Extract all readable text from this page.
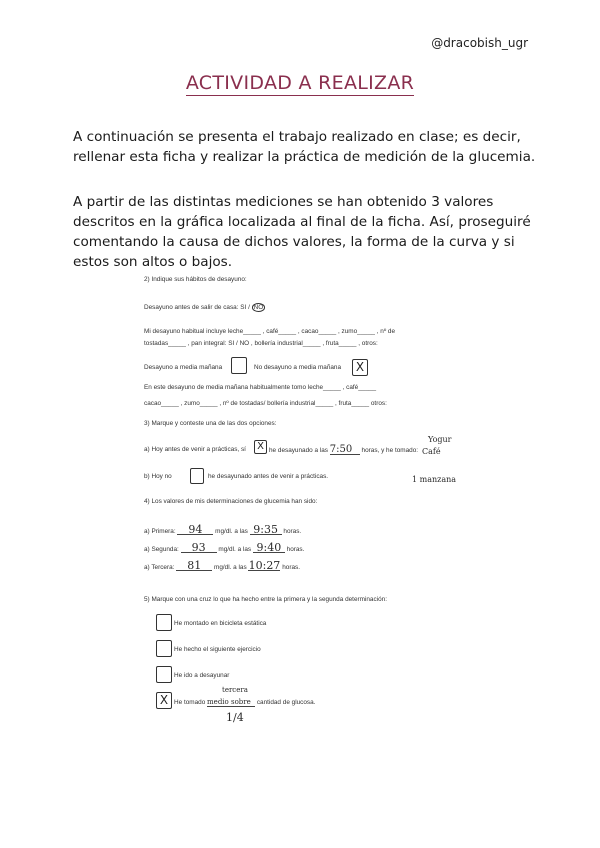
@dracobish_ugr
ACTIVIDAD A REALIZAR
A continuación se presenta el trabajo realizado en clase; es decir, rellenar esta ficha y realizar la práctica de medición de la glucemia.
A partir de las distintas mediciones se han obtenido 3 valores descritos en la gráfica localizada al final de la ficha. Así, proseguiré comentando la causa de dichos valores, la forma de la curva y si estos son altos o bajos.
2) Indique sus hábitos de desayuno:
Desayuno antes de salir de casa: SI / NO
Mi desayuno habitual incluye leche_____ , café_____ , cacao_____ , zumo_____ , nº de
tostadas_____ , pan integral: SI / NO , bollería industrial_____ , fruta_____ , otros:
Desayuno a media mañana	No desayuno a media mañana	X
En este desayuno de media mañana habitualmente tomo leche_____ , café_____
cacao_____ , zumo_____ , nº de tostadas/ bollería industrial_____ , fruta_____ otros:
3) Marque y conteste una de las dos opciones:
a) Hoy antes de venir a prácticas, sí	X he desayunado a las 7:50 horas, y he tomado:
Yogur
Café
1 manzana
b) Hoy no	he desayunado antes de venir a prácticas.
4) Los valores de mis determinaciones de glucemia han sido:
a) Primera: 94 mg/dl. a las 9:35 horas.
a) Segunda: 93 mg/dl. a las 9:40 horas.
a) Tercera: 81 mg/dl. a las 10:27 horas.
5) Marque con una cruz lo que ha hecho entre la primera y la segunda determinación:
He montado en bicicleta estática
He hecho el siguiente ejercicio
He ido a desayunar
X He tomado medio sobre cantidad de glucosa.
tercera
1/4
